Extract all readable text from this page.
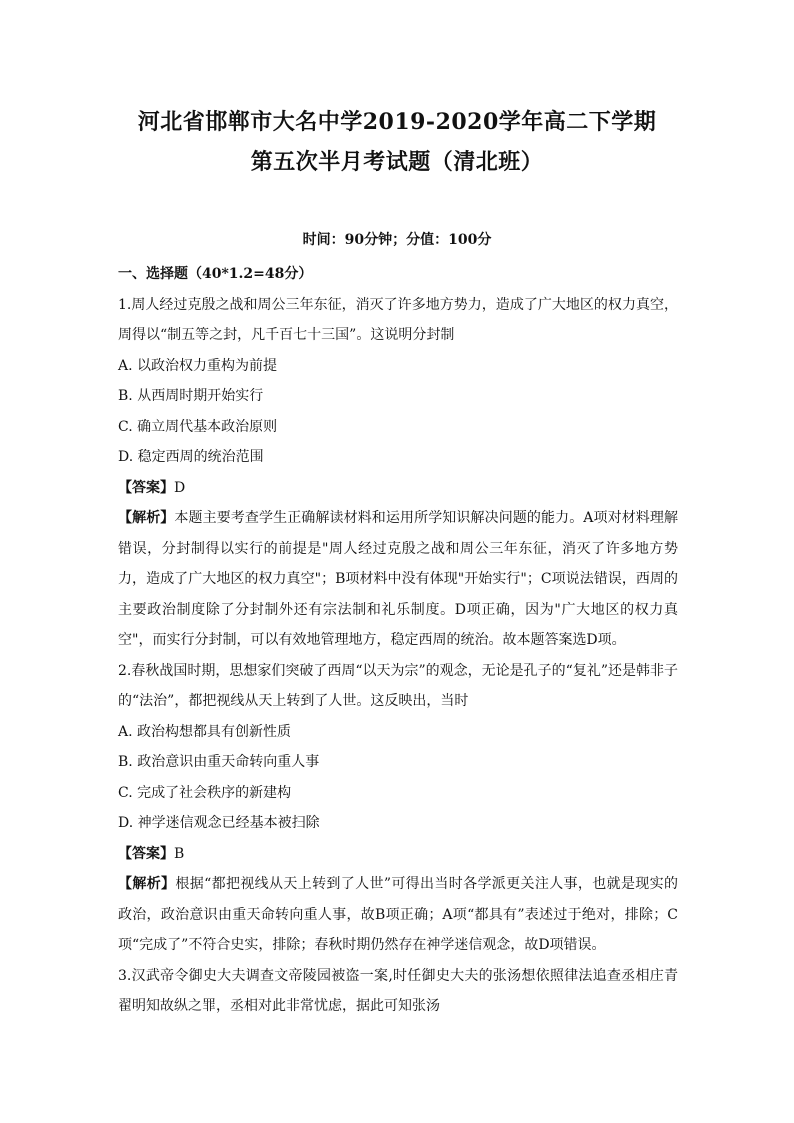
河北省邯郸市大名中学2019-2020学年高二下学期
第五次半月考试题（清北班）
时间：90分钟；分值：100分

一、选择题（40*1.2=48分）

1.周人经过克殷之战和周公三年东征，消灭了许多地方势力，造成了广大地区的权力真空，周得以“制五等之封，凡千百七十三国”。这说明分封制

A. 以政治权力重构为前提

B. 从西周时期开始实行

C. 确立周代基本政治原则

D. 稳定西周的统治范围

【答案】D

【解析】本题主要考查学生正确解读材料和运用所学知识解决问题的能力。A项对材料理解错误，分封制得以实行的前提是"周人经过克殷之战和周公三年东征，消灭了许多地方势力，造成了广大地区的权力真空"；B项材料中没有体现"开始实行"；C项说法错误，西周的主要政治制度除了分封制外还有宗法制和礼乐制度。D项正确，因为"广大地区的权力真空"，而实行分封制，可以有效地管理地方，稳定西周的统治。故本题答案选D项。

2.春秋战国时期，思想家们突破了西周“以天为宗”的观念，无论是孔子的“复礼”还是韩非子的“法治”，都把视线从天上转到了人世。这反映出，当时

A. 政治构想都具有创新性质

B. 政治意识由重天命转向重人事

C. 完成了社会秩序的新建构

D. 神学迷信观念已经基本被扫除

【答案】B

【解析】根据“都把视线从天上转到了人世”可得出当时各学派更关注人事，也就是现实的政治，政治意识由重天命转向重人事，故B项正确；A项“都具有”表述过于绝对，排除；C项“完成了”不符合史实，排除；春秋时期仍然存在神学迷信观念，故D项错误。

3.汉武帝令御史大夫调查文帝陵园被盗一案,时任御史大夫的张汤想依照律法追查丞相庄青翟明知故纵之罪，丞相对此非常忧虑，据此可知张汤
